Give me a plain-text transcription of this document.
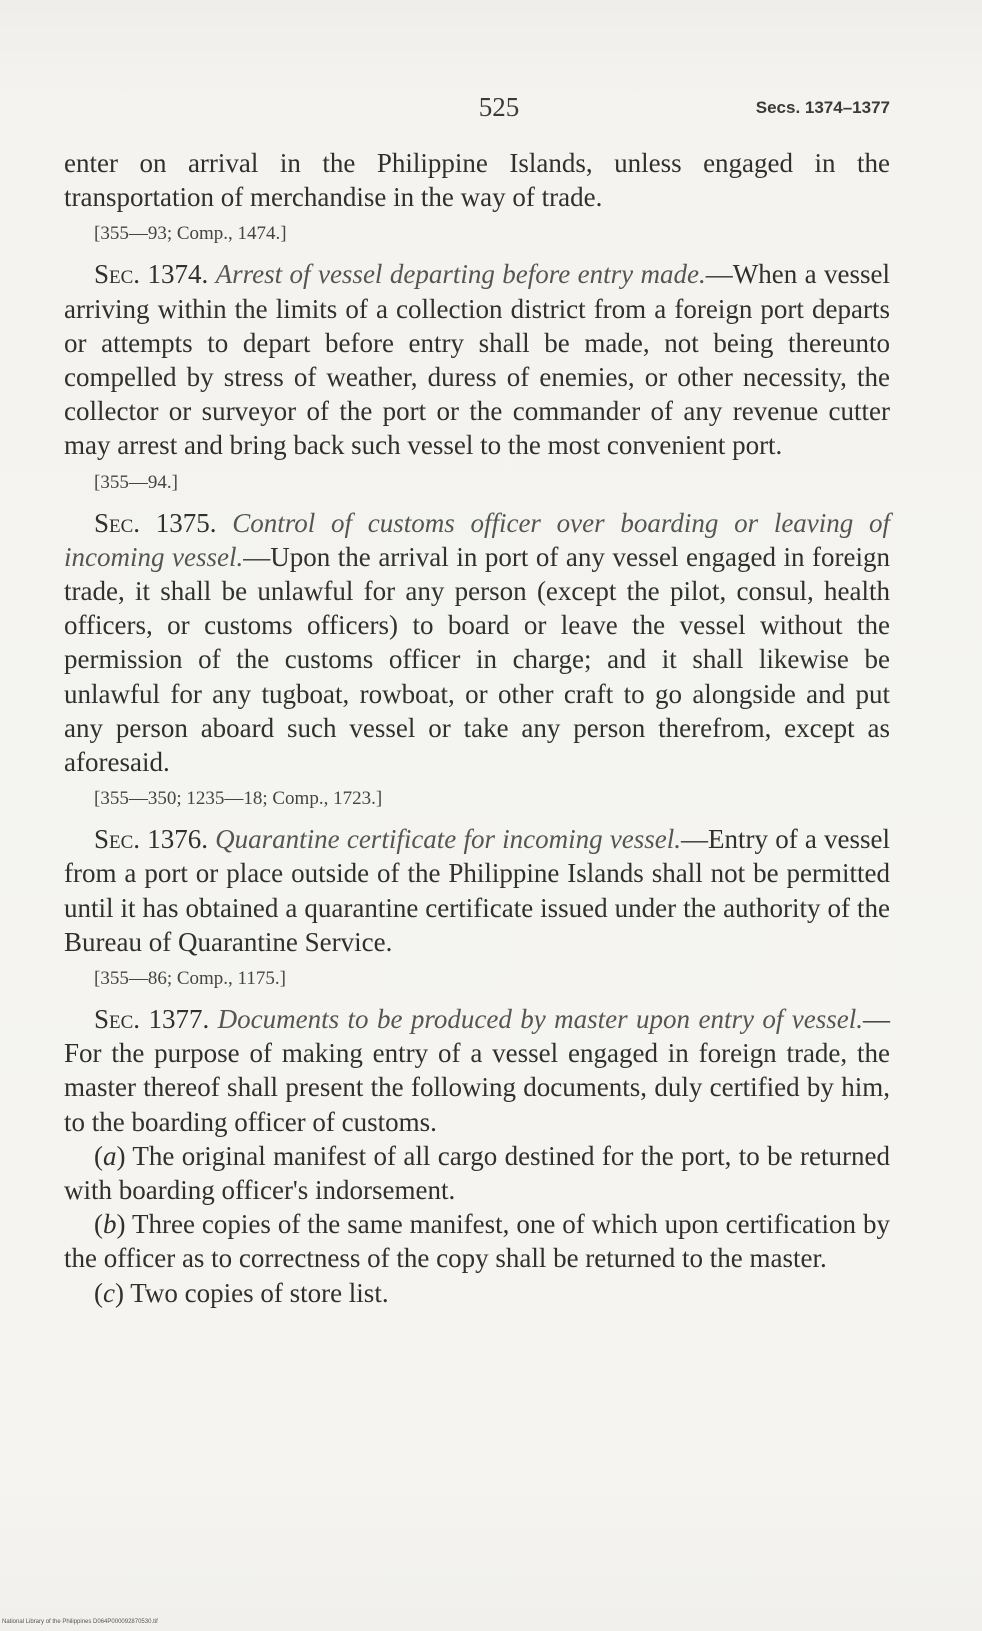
525	Secs. 1374–1377

enter on arrival in the Philippine Islands, unless engaged in the transportation of merchandise in the way of trade.

[355—93; Comp., 1474.]

Sec. 1374. Arrest of vessel departing before entry made.—When a vessel arriving within the limits of a collection district from a foreign port departs or attempts to depart before entry shall be made, not being thereunto compelled by stress of weather, duress of enemies, or other necessity, the collector or surveyor of the port or the commander of any revenue cutter may arrest and bring back such vessel to the most convenient port.

[355—94.]

Sec. 1375. Control of customs officer over boarding or leaving of incoming vessel.—Upon the arrival in port of any vessel engaged in foreign trade, it shall be unlawful for any person (except the pilot, consul, health officers, or customs officers) to board or leave the vessel without the permission of the customs officer in charge; and it shall likewise be unlawful for any tugboat, rowboat, or other craft to go alongside and put any person aboard such vessel or take any person therefrom, except as aforesaid.

[355—350; 1235—18; Comp., 1723.]

Sec. 1376. Quarantine certificate for incoming vessel.—Entry of a vessel from a port or place outside of the Philippine Islands shall not be permitted until it has obtained a quarantine certificate issued under the authority of the Bureau of Quarantine Service.

[355—86; Comp., 1175.]

Sec. 1377. Documents to be produced by master upon entry of vessel.—For the purpose of making entry of a vessel engaged in foreign trade, the master thereof shall present the following documents, duly certified by him, to the boarding officer of customs.

(a) The original manifest of all cargo destined for the port, to be returned with boarding officer's indorsement.

(b) Three copies of the same manifest, one of which upon certification by the officer as to correctness of the copy shall be returned to the master.

(c) Two copies of store list.

National Library of the Philippines D064P000092870530.tif
